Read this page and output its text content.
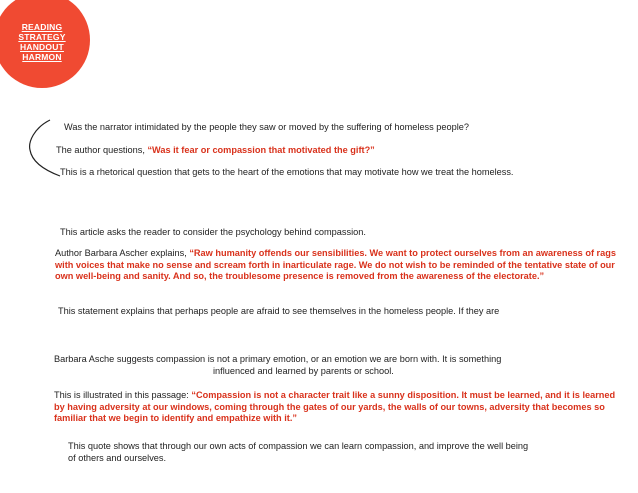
READING
STRATEGY
HANDOUT
HARMON
Was the narrator intimidated by the people they saw or moved by the suffering of homeless people?
The author questions, “Was it fear or compassion that motivated the gift?”
This is a rhetorical question that gets to the heart of the emotions that may motivate how we treat the homeless.
This article asks the reader to consider the psychology behind compassion.
Author Barbara Ascher explains, “Raw humanity offends our sensibilities. We want to protect ourselves from an awareness of rags with voices that make no sense and scream forth in inarticulate rage. We do not wish to be reminded of the tentative state of our own well-being and sanity. And so, the troublesome presence is removed from the awareness of the electorate.”
This statement explains that perhaps people are afraid to see themselves in the homeless people. If they are
Barbara Asche suggests compassion is not a primary emotion, or an emotion we are born with. It is something
influenced and learned by parents or school.
This is illustrated in this passage: “Compassion is not a character trait like a sunny disposition. It must be learned, and it is learned by having adversity at our windows, coming through the gates of our yards, the walls of our towns, adversity that becomes so familiar that we begin to identify and empathize with it.”
This quote shows that through our own acts of compassion we can learn compassion, and improve the well being of others and ourselves.
